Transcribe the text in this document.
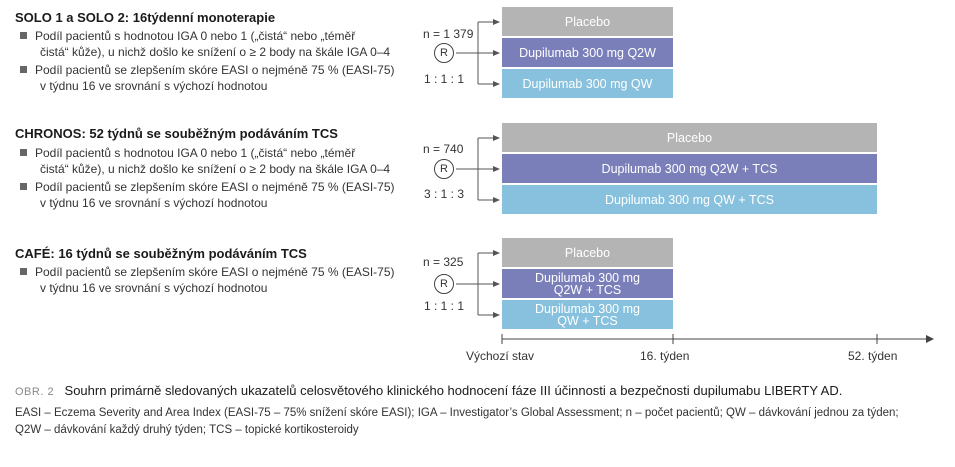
SOLO 1 a SOLO 2: 16týdenní monoterapie
Podíl pacientů s hodnotou IGA 0 nebo 1 („čistá“ nebo „téměř
čistá“ kůže), u nichž došlo ke snížení o ≥ 2 body na škále IGA 0–4
Podíl pacientů se zlepšením skóre EASI o nejméně 75 % (EASI-75)
v týdnu 16 ve srovnání s výchozí hodnotou
n = 1 379
R
1 : 1 : 1
Placebo
Dupilumab 300 mg Q2W
Dupilumab 300 mg QW
CHRONOS: 52 týdnů se souběžným podáváním TCS
Podíl pacientů s hodnotou IGA 0 nebo 1 („čistá“ nebo „téměř
čistá“ kůže), u nichž došlo ke snížení o ≥ 2 body na škále IGA 0–4
Podíl pacientů se zlepšením skóre EASI o nejméně 75 % (EASI-75)
v týdnu 16 ve srovnání s výchozí hodnotou
n = 740
R
3 : 1 : 3
Placebo
Dupilumab 300 mg Q2W + TCS
Dupilumab 300 mg QW + TCS
CAFÉ: 16 týdnů se souběžným podáváním TCS
Podíl pacientů se zlepšením skóre EASI o nejméně 75 % (EASI-75)
v týdnu 16 ve srovnání s výchozí hodnotou
n = 325
R
1 : 1 : 1
Placebo
Dupilumab 300 mg
Q2W + TCS
Dupilumab 300 mg
QW + TCS
Výchozí stav	16. týden	52. týden
OBR. 2 Souhrn primárně sledovaných ukazatelů celosvětového klinického hodnocení fáze III účinnosti a bezpečnosti dupilumabu LIBERTY AD.
EASI – Eczema Severity and Area Index (EASI-75 – 75% snížení skóre EASI); IGA – Investigator’s Global Assessment; n – počet pacientů; QW – dávkování jednou za týden;
Q2W – dávkování každý druhý týden; TCS – topické kortikosteroidy
